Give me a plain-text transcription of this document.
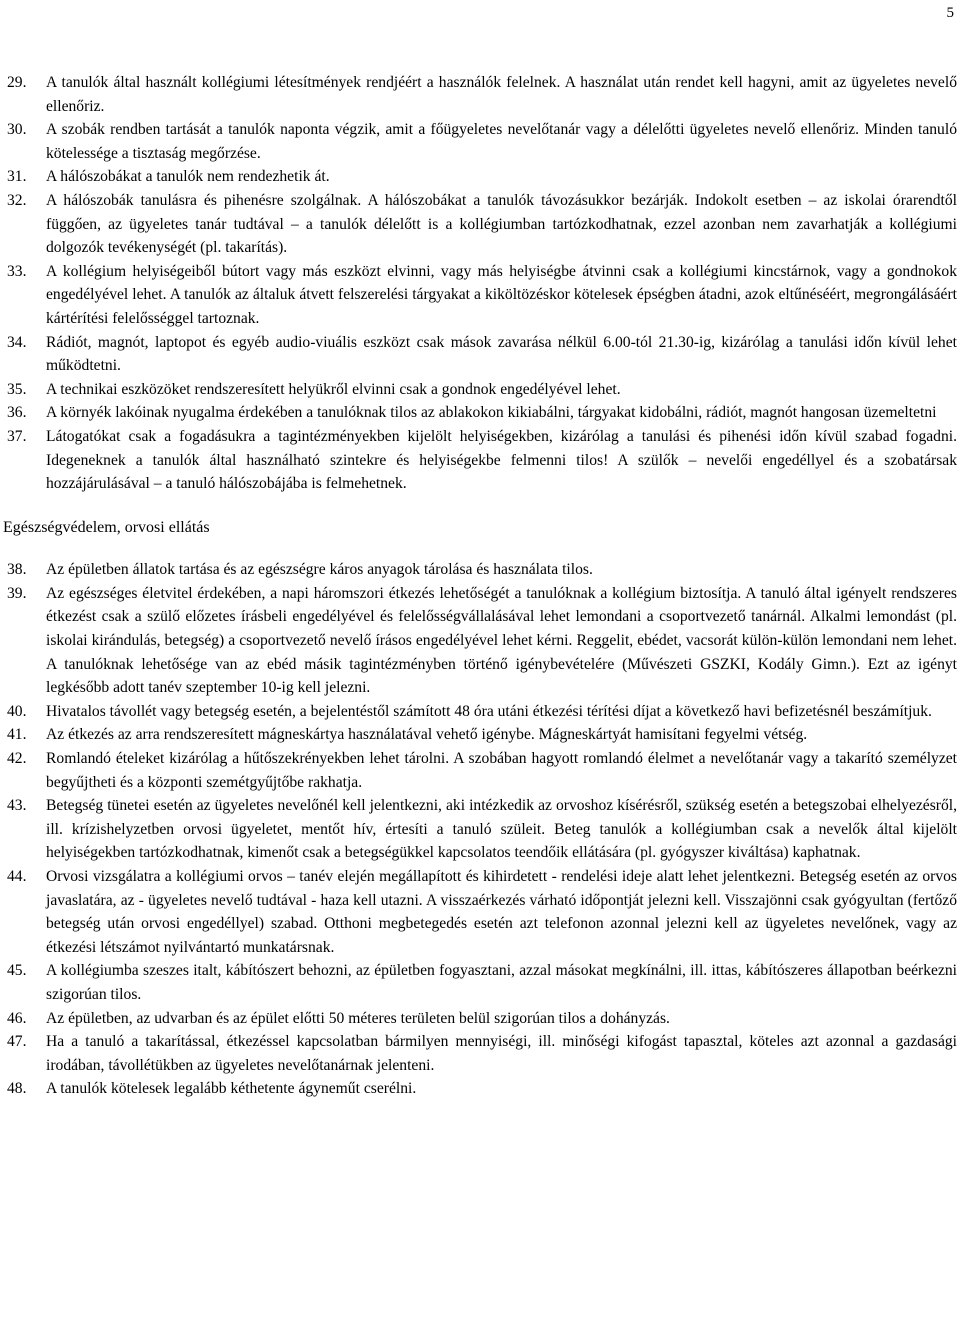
5
29.	A tanulók által használt kollégiumi létesítmények rendjéért a használók felelnek. A használat után rendet kell hagyni, amit az ügyeletes nevelő ellenőriz.
30.	A szobák rendben tartását a tanulók naponta végzik, amit a főügyeletes nevelőtanár vagy a délelőtti ügyeletes nevelő ellenőriz. Minden tanuló kötelessége a tisztaság megőrzése.
31.	A hálószobákat a tanulók nem rendezhetik át.
32.	A hálószobák tanulásra és pihenésre szolgálnak. A hálószobákat a tanulók távozásukkor bezárják. Indokolt esetben – az iskolai órarendtől függően, az ügyeletes tanár tudtával – a tanulók délelőtt is a kollégiumban tartózkodhatnak, ezzel azonban nem zavarhatják a kollégiumi dolgozók tevékenységét (pl. takarítás).
33.	A kollégium helyiségeiből bútort vagy más eszközt elvinni, vagy más helyiségbe átvinni csak a kollégiumi kincstárnok, vagy a gondnokok engedélyével lehet. A tanulók az általuk átvett felszerelési tárgyakat a kiköltözéskor kötelesek épségben átadni, azok eltűnéséért, megrongálásáért kártérítési felelősséggel tartoznak.
34.	Rádiót, magnót, laptopot és egyéb audio-viuális eszközt csak mások zavarása nélkül 6.00-tól 21.30-ig, kizárólag a tanulási időn kívül lehet működtetni.
35.	A technikai eszközöket rendszeresített helyükről elvinni csak a gondnok engedélyével lehet.
36.	A környék lakóinak nyugalma érdekében a tanulóknak tilos az ablakokon kikiabálni, tárgyakat kidobálni, rádiót, magnót hangosan üzemeltetni
37.	Látogatókat csak a fogadásukra a tagintézményekben kijelölt helyiségekben, kizárólag a tanulási és pihenési időn kívül szabad fogadni. Idegeneknek a tanulók által használható szintekre és helyiségekbe felmenni tilos! A szülők – nevelői engedéllyel és a szobatársak hozzájárulásával – a tanuló hálószobájába is felmehetnek.
Egészségvédelem, orvosi ellátás
38.	Az épületben állatok tartása és az egészségre káros anyagok tárolása és használata tilos.
39.	Az egészséges életvitel érdekében, a napi háromszori étkezés lehetőségét a tanulóknak a kollégium biztosítja. A tanuló által igényelt rendszeres étkezést csak a szülő előzetes írásbeli engedélyével és felelősségvállalásával lehet lemondani a csoportvezető tanárnál. Alkalmi lemondást (pl. iskolai kirándulás, betegség) a csoportvezető nevelő írásos engedélyével lehet kérni. Reggelit, ebédet, vacsorát külön-külön lemondani nem lehet. A tanulóknak lehetősége van az ebéd másik tagintézményben történő igénybevételére (Művészeti GSZKI, Kodály Gimn.). Ezt az igényt legkésőbb adott tanév szeptember 10-ig kell jelezni.
40.	Hivatalos távollét vagy betegség esetén, a bejelentéstől számított 48 óra utáni étkezési térítési díjat a következő havi befizetésnél beszámítjuk.
41.	Az étkezés az arra rendszeresített mágneskártya használatával vehető igénybe. Mágneskártyát hamisítani fegyelmi vétség.
42.	Romlandó ételeket kizárólag a hűtőszekrényekben lehet tárolni. A szobában hagyott romlandó élelmet a nevelőtanár vagy a takarító személyzet begyűjtheti és a központi szemétgyűjtőbe rakhatja.
43.	Betegség tünetei esetén az ügyeletes nevelőnél kell jelentkezni, aki intézkedik az orvoshoz kísérésről, szükség esetén a betegszobai elhelyezésről, ill. krízishelyzetben orvosi ügyeletet, mentőt hív, értesíti a tanuló szüleit. Beteg tanulók a kollégiumban csak a nevelők által kijelölt helyiségekben tartózkodhatnak, kimenőt csak a betegségükkel kapcsolatos teendőik ellátására (pl. gyógyszer kiváltása) kaphatnak.
44.	Orvosi vizsgálatra a kollégiumi orvos – tanév elején megállapított és kihirdetett - rendelési ideje alatt lehet jelentkezni. Betegség esetén az orvos javaslatára, az - ügyeletes nevelő tudtával - haza kell utazni. A visszaérkezés várható időpontját jelezni kell. Visszajönni csak gyógyultan (fertőző betegség után orvosi engedéllyel) szabad. Otthoni megbetegedés esetén azt telefonon azonnal jelezni kell az ügyeletes nevelőnek, vagy az étkezési létszámot nyilvántartó munkatársnak.
45.	A kollégiumba szeszes italt, kábítószert behozni, az épületben fogyasztani, azzal másokat megkínálni, ill. ittas, kábítószeres állapotban beérkezni szigorúan tilos.
46.	Az épületben, az udvarban és az épület előtti 50 méteres területen belül szigorúan tilos a dohányzás.
47.	Ha a tanuló a takarítással, étkezéssel kapcsolatban bármilyen mennyiségi, ill. minőségi kifogást tapasztal, köteles azt azonnal a gazdasági irodában, távollétükben az ügyeletes nevelőtanárnak jelenteni.
48.	A tanulók kötelesek legalább kéthetente ágyneműt cserélni.
